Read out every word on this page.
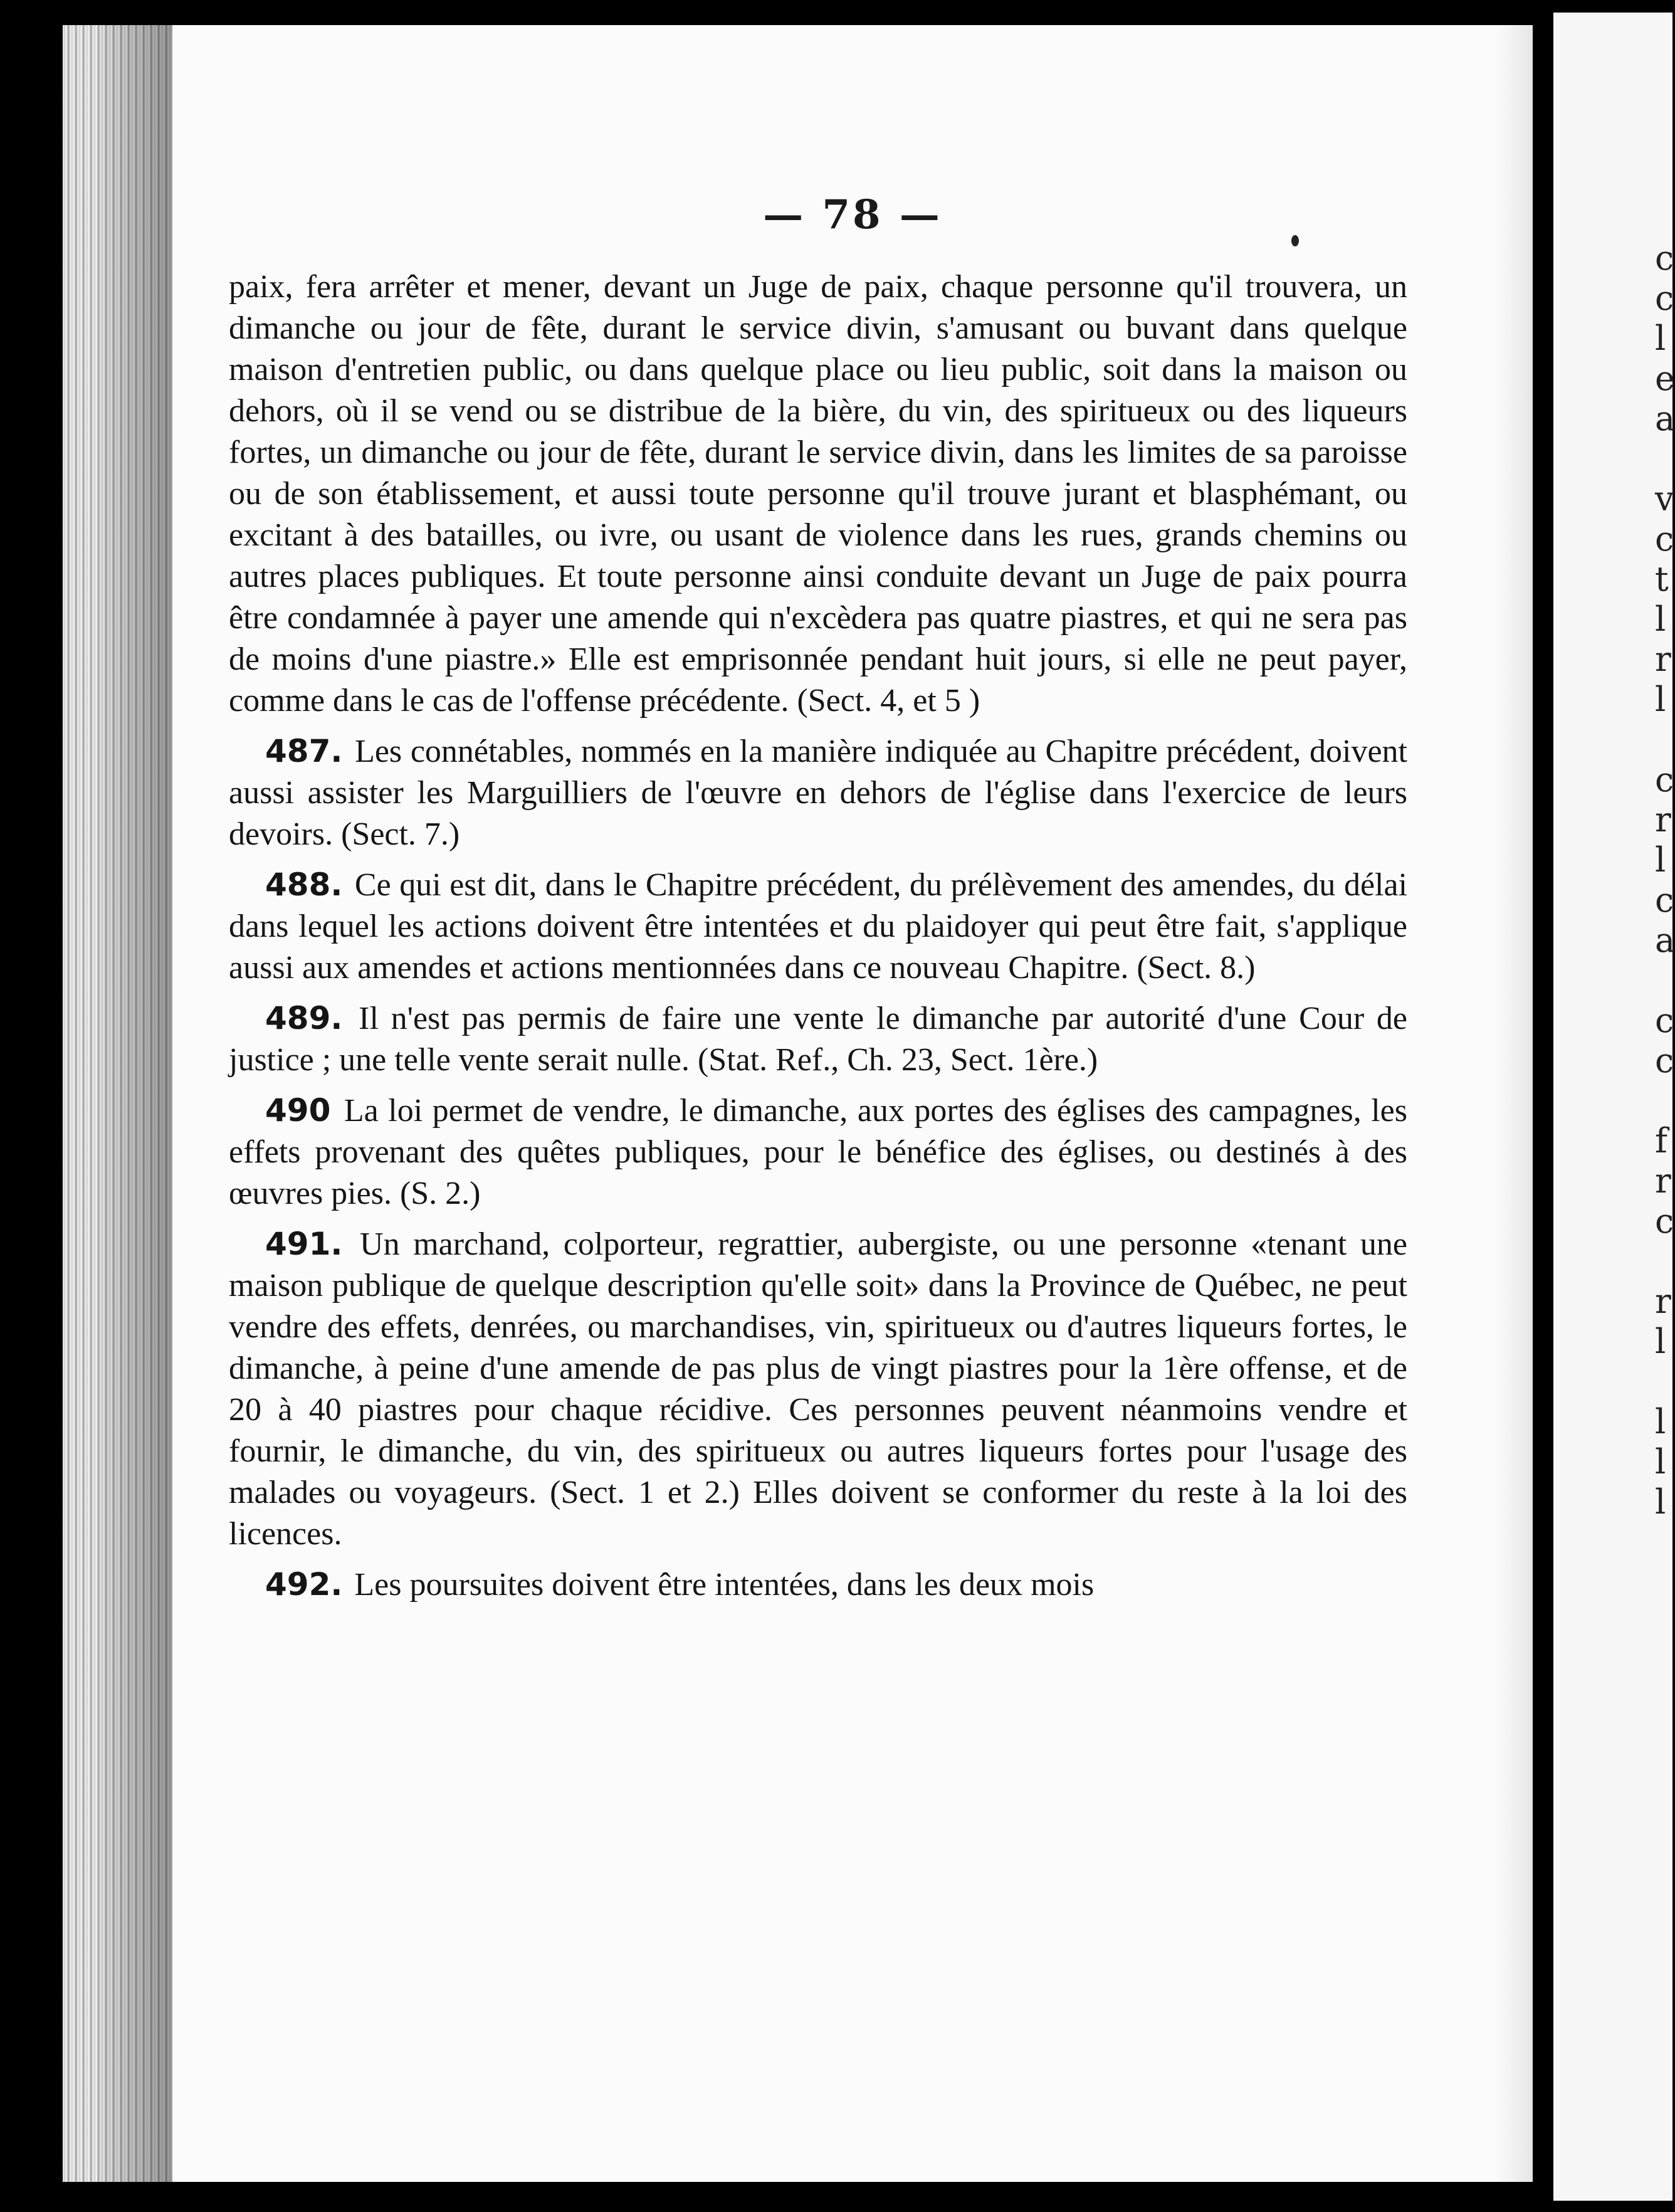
— 78 —
c
c
l
e
a
v
c
t
l
r
l
c
r
l
c
a
c
c
f
r
c
r
l
l
l
l

paix, fera arrêter et mener, devant un Juge de paix, chaque personne qu'il trouvera, un dimanche ou jour de fête, durant le service divin, s'amusant ou buvant dans quelque maison d'entretien public, ou dans quelque place ou lieu public, soit dans la maison ou dehors, où il se vend ou se distribue de la bière, du vin, des spiritueux ou des liqueurs fortes, un dimanche ou jour de fête, durant le service divin, dans les limites de sa paroisse ou de son établissement, et aussi toute personne qu'il trouve jurant et blasphémant, ou excitant à des batailles, ou ivre, ou usant de violence dans les rues, grands chemins ou autres places publiques. Et toute personne ainsi conduite devant un Juge de paix pourra être condamnée à payer une amende qui n'excèdera pas quatre piastres, et qui ne sera pas de moins d'une piastre.» Elle est emprisonnée pendant huit jours, si elle ne peut payer, comme dans le cas de l'offense précédente. (Sect. 4, et 5 )

487. Les connétables, nommés en la manière indiquée au Chapitre précédent, doivent aussi assister les Marguilliers de l'œuvre en dehors de l'église dans l'exercice de leurs devoirs. (Sect. 7.)

488. Ce qui est dit, dans le Chapitre précédent, du prélèvement des amendes, du délai dans lequel les actions doivent être intentées et du plaidoyer qui peut être fait, s'applique aussi aux amendes et actions mentionnées dans ce nouveau Chapitre. (Sect. 8.)

489. Il n'est pas permis de faire une vente le dimanche par autorité d'une Cour de justice ; une telle vente serait nulle. (Stat. Ref., Ch. 23, Sect. 1ère.)

490 La loi permet de vendre, le dimanche, aux portes des églises des campagnes, les effets provenant des quêtes publiques, pour le bénéfice des églises, ou destinés à des œuvres pies. (S. 2.)

491. Un marchand, colporteur, regrattier, aubergiste, ou une personne «tenant une maison publique de quelque description qu'elle soit» dans la Province de Québec, ne peut vendre des effets, denrées, ou marchandises, vin, spiritueux ou d'autres liqueurs fortes, le dimanche, à peine d'une amende de pas plus de vingt piastres pour la 1ère offense, et de 20 à 40 piastres pour chaque récidive. Ces personnes peuvent néanmoins vendre et fournir, le dimanche, du vin, des spiritueux ou autres liqueurs fortes pour l'usage des malades ou voyageurs. (Sect. 1 et 2.) Elles doivent se conformer du reste à la loi des licences.

492. Les poursuites doivent être intentées, dans les deux mois
